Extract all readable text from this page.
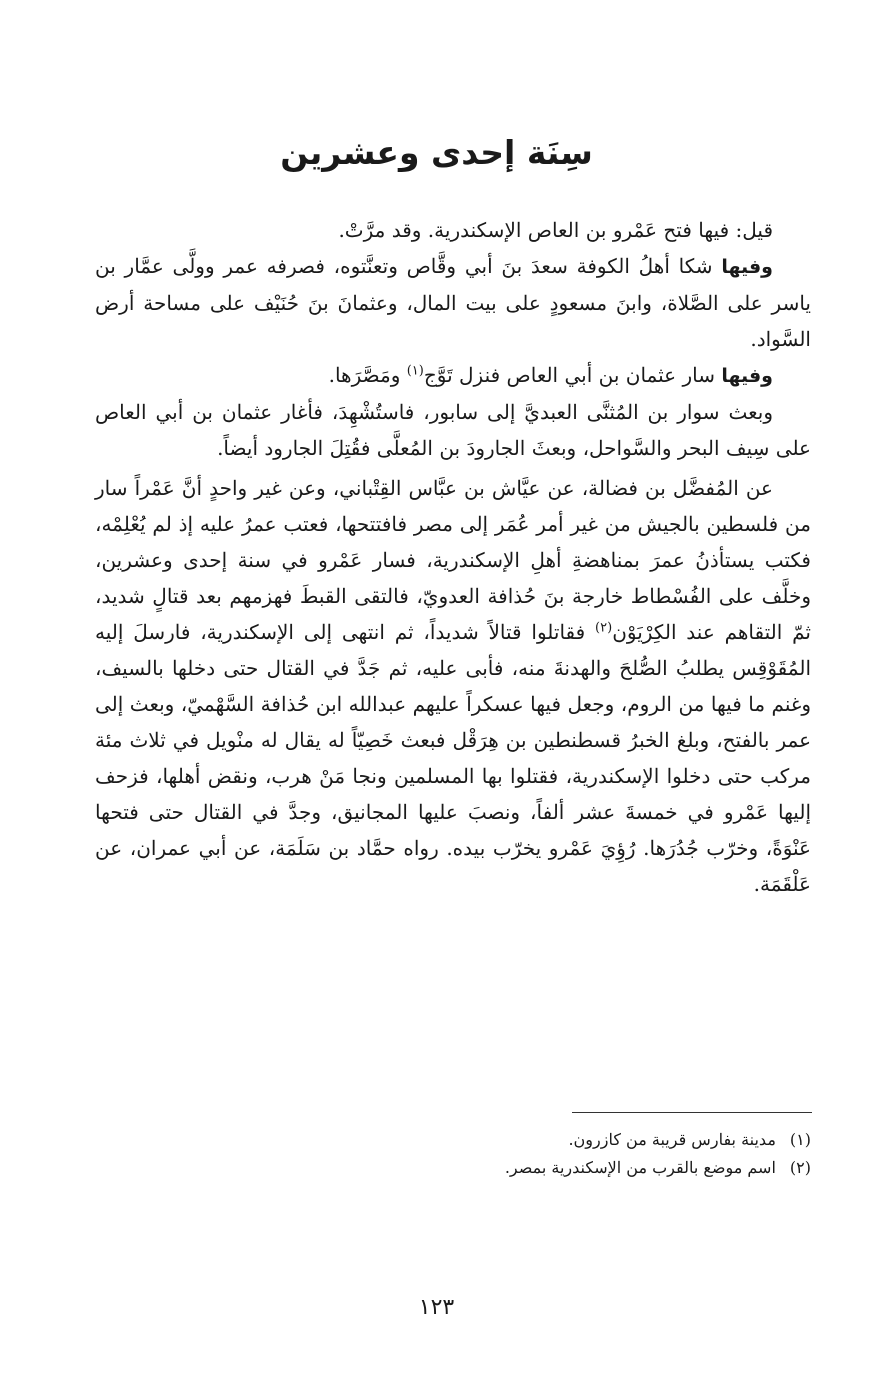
سِنَة إحدى وعشرين

قيل: فيها فتح عَمْرو بن العاص الإسكندرية. وقد مرَّتْ.

وفيها شكا أهلُ الكوفة سعدَ بنَ أبي وقَّاص وتعنَّتوه، فصرفه عمر وولَّى عمَّار بن ياسر على الصَّلاة، وابنَ مسعودٍ على بيت المال، وعثمانَ بنَ حُنَيْف على مساحة أرض السَّواد.

وفيها سار عثمان بن أبي العاص فنزل تَوَّج$^{(١)}$ ومَصَّرَها.

وبعث سوار بن المُثنَّى العبديَّ إلى سابور، فاستُشْهِدَ، فأغار عثمان بن أبي العاص على سِيف البحر والسَّواحل، وبعثَ الجارودَ بن المُعلَّى فقُتِلَ الجارود أيضاً.

عن المُفضَّل بن فضالة، عن عيَّاش بن عبَّاس القِتْباني، وعن غير واحدٍ أنَّ عَمْراً سار من فلسطين بالجيش من غير أمر عُمَر إلى مصر فافتتحها، فعتب عمرُ عليه إذ لم يُعْلِمْه، فكتب يستأذنُ عمرَ بمناهضةِ أهلِ الإسكندرية، فسار عَمْرو في سنة إحدى وعشرين، وخلَّف على الفُسْطاط خارجة بنَ حُذافة العدويّ، فالتقى القبطَ فهزمهم بعد قتالٍ شديد، ثمّ التقاهم عند الكِرْيَوْن$^{(٢)}$ فقاتلوا قتالاً شديداً، ثم انتهى إلى الإسكندرية، فارسلَ إليه المُقَوْقِس يطلبُ الصُّلحَ والهدنةَ منه، فأبى عليه، ثم جَدَّ في القتال حتى دخلها بالسيف، وغنم ما فيها من الروم، وجعل فيها عسكراً عليهم عبدالله ابن حُذافة السَّهْميّ، وبعث إلى عمر بالفتح، وبلغ الخبرُ قسطنطين بن هِرَقْل فبعث خَصِيّاً له يقال له منْويل في ثلاث مئة مركب حتى دخلوا الإسكندرية، فقتلوا بها المسلمين ونجا مَنْ هرب، ونقض أهلها، فزحف إليها عَمْرو في خمسةَ عشر ألفاً، ونصبَ عليها المجانيق، وجدَّ في القتال حتى فتحها عَنْوَةً، وخرّب جُدُرَها. رُؤِيَ عَمْرو يخرّب بيده. رواه حمَّاد بن سَلَمَة، عن أبي عمران، عن عَلْقَمَة.

(١)
مدينة بفارس قريبة من كازرون.
(٢)
اسم موضع بالقرب من الإسكندرية بمصر.
١٢٣
